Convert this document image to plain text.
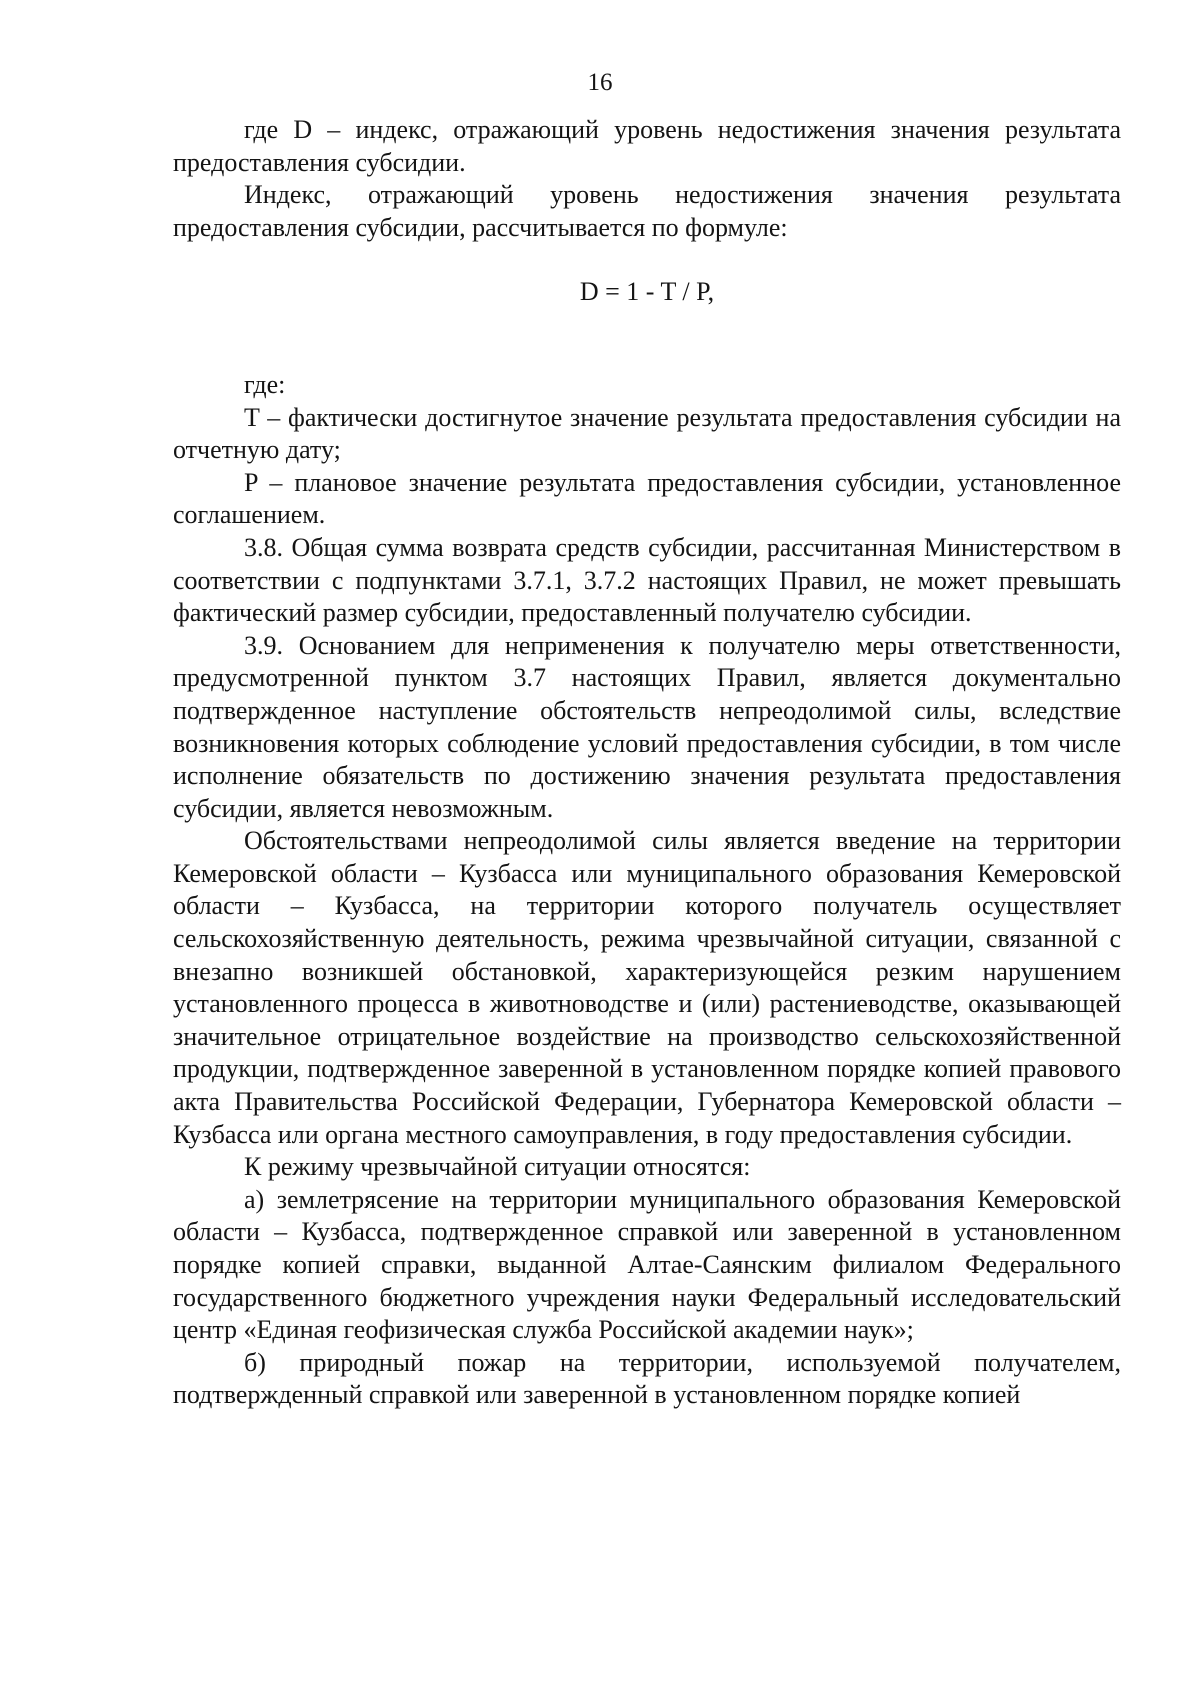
16

где D – индекс, отражающий уровень недостижения значения результата предоставления субсидии.

Индекс, отражающий уровень недостижения значения результата предоставления субсидии, рассчитывается по формуле:

D = 1 - T / P,

где:

T – фактически достигнутое значение результата предоставления субсидии на отчетную дату;

P – плановое значение результата предоставления субсидии, установленное соглашением.

3.8. Общая сумма возврата средств субсидии, рассчитанная Министерством в соответствии с подпунктами 3.7.1, 3.7.2 настоящих Правил, не может превышать фактический размер субсидии, предоставленный получателю субсидии.

3.9. Основанием для неприменения к получателю меры ответственности, предусмотренной пунктом 3.7 настоящих Правил, является документально подтвержденное наступление обстоятельств непреодолимой силы, вследствие возникновения которых соблюдение условий предоставления субсидии, в том числе исполнение обязательств по достижению значения результата предоставления субсидии, является невозможным.

Обстоятельствами непреодолимой силы является введение на территории Кемеровской области – Кузбасса или муниципального образования Кемеровской области – Кузбасса, на территории которого получатель осуществляет сельскохозяйственную деятельность, режима чрезвычайной ситуации, связанной с внезапно возникшей обстановкой, характеризующейся резким нарушением установленного процесса в животноводстве и (или) растениеводстве, оказывающей значительное отрицательное воздействие на производство сельскохозяйственной продукции, подтвержденное заверенной в установленном порядке копией правового акта Правительства Российской Федерации, Губернатора Кемеровской области – Кузбасса или органа местного самоуправления, в году предоставления субсидии.

К режиму чрезвычайной ситуации относятся:

а) землетрясение на территории муниципального образования Кемеровской области – Кузбасса, подтвержденное справкой или заверенной в установленном порядке копией справки, выданной Алтае-Саянским филиалом Федерального государственного бюджетного учреждения науки Федеральный исследовательский центр «Единая геофизическая служба Российской академии наук»;

б) природный пожар на территории, используемой получателем, подтвержденный справкой или заверенной в установленном порядке копией
